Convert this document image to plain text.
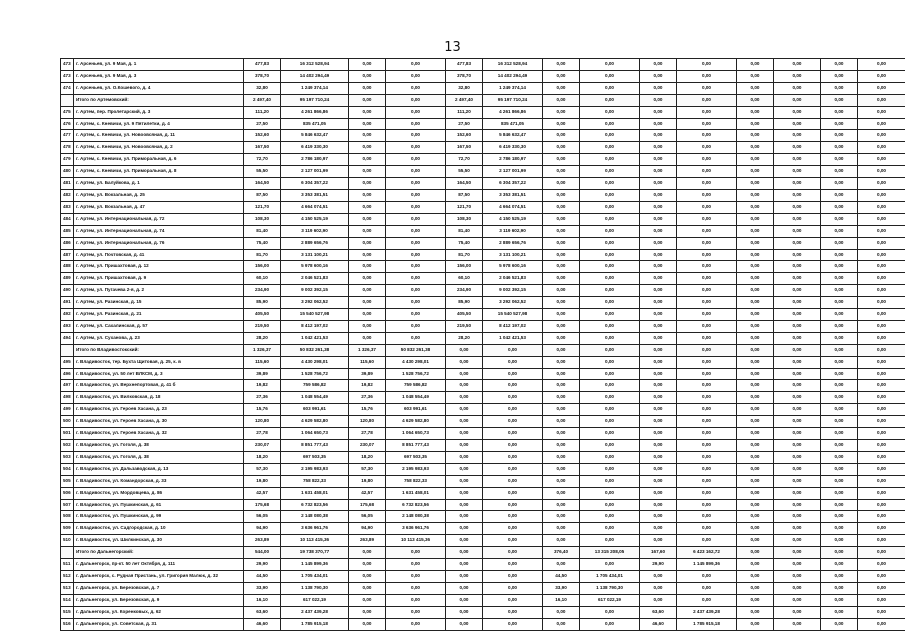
13
473	г. Арсеньев, ул. 9 Мая, д. 1	477,83	16 312 528,94	0,00	0,00	477,83	16 312 528,94	0,00	0,00	0,00	0,00	0,00	0,00	0,00	0,00
473	г. Арсеньев, ул. 9 Мая, д. 3	378,70	14 402 294,49	0,00	0,00	378,70	14 402 294,49	0,00	0,00	0,00	0,00	0,00	0,00	0,00	0,00
474	г. Арсеньев, ул. О.Кошевого, д. 4	32,80	1 249 374,14	0,00	0,00	32,80	1 249 374,14	0,00	0,00	0,00	0,00	0,00	0,00	0,00	0,00
	Итого по Артемовский:	2 497,40	95 197 710,24	0,00	0,00	2 497,40	95 197 710,24	0,00	0,00	0,00	0,00	0,00	0,00	0,00	0,00
475	г. Артем, пер. Пролетарский, д. 3	111,20	4 261 866,86	0,00	0,00	111,20	4 261 866,86	0,00	0,00	0,00	0,00	0,00	0,00	0,00	0,00
476	г. Артем, с. Кневичи, ул. 9 Пятилетки, д. 4	27,50	835 471,05	0,00	0,00	27,50	835 471,05	0,00	0,00	0,00	0,00	0,00	0,00	0,00	0,00
477	г. Артем, с. Кневичи, ул. Новоовсяная, д. 11	152,60	5 846 632,47	0,00	0,00	152,60	5 846 632,47	0,00	0,00	0,00	0,00	0,00	0,00	0,00	0,00
478	г. Артем, с. Кневичи, ул. Новоовсяная, д. 2	167,50	6 419 330,30	0,00	0,00	167,50	6 419 330,30	0,00	0,00	0,00	0,00	0,00	0,00	0,00	0,00
479	г. Артем, с. Кневичи, ул. Приморальная, д. 6	72,70	2 786 180,97	0,00	0,00	72,70	2 786 180,97	0,00	0,00	0,00	0,00	0,00	0,00	0,00	0,00
480	г. Артем, с. Кневичи, ул. Приморальная, д. 8	55,50	2 127 001,99	0,00	0,00	55,50	2 127 001,99	0,00	0,00	0,00	0,00	0,00	0,00	0,00	0,00
481	г. Артем, ул. Балуйкова, д. 1	164,50	6 304 357,22	0,00	0,00	164,50	6 304 357,22	0,00	0,00	0,00	0,00	0,00	0,00	0,00	0,00
482	г. Артем, ул. Вокзальная, д. 25	87,50	3 353 381,51	0,00	0,00	87,50	3 353 381,51	0,00	0,00	0,00	0,00	0,00	0,00	0,00	0,00
483	г. Артем, ул. Вокзальная, д. 47	121,70	4 664 074,51	0,00	0,00	121,70	4 664 074,51	0,00	0,00	0,00	0,00	0,00	0,00	0,00	0,00
484	г. Артем, ул. Интернациональная, д. 72	108,30	4 150 525,19	0,00	0,00	108,30	4 150 525,19	0,00	0,00	0,00	0,00	0,00	0,00	0,00	0,00
485	г. Артем, ул. Интернациональная, д. 74	81,40	3 119 602,90	0,00	0,00	81,40	3 119 602,90	0,00	0,00	0,00	0,00	0,00	0,00	0,00	0,00
486	г. Артем, ул. Интернациональная, д. 76	75,40	2 889 656,76	0,00	0,00	75,40	2 889 656,76	0,00	0,00	0,00	0,00	0,00	0,00	0,00	0,00
487	г. Артем, ул. Почтовская, д. 41	81,70	3 131 100,21	0,00	0,00	81,70	3 131 100,21	0,00	0,00	0,00	0,00	0,00	0,00	0,00	0,00
488	г. Артем, ул. Пришахтовая, д. 12	156,00	5 978 600,16	0,00	0,00	156,00	5 978 600,16	0,00	0,00	0,00	0,00	0,00	0,00	0,00	0,00
489	г. Артем, ул. Пришахтовая, д. 9	60,10	2 046 521,83	0,00	0,00	60,10	2 046 521,83	0,00	0,00	0,00	0,00	0,00	0,00	0,00	0,00
490	г. Артем, ул. Пугачева 2-я, д. 2	234,90	9 002 392,15	0,00	0,00	234,90	9 002 392,15	0,00	0,00	0,00	0,00	0,00	0,00	0,00	0,00
491	г. Артем, ул. Разинская, д. 15	85,90	3 292 062,52	0,00	0,00	85,90	3 292 062,52	0,00	0,00	0,00	0,00	0,00	0,00	0,00	0,00
492	г. Артем, ул. Разинская, д. 21	405,50	15 540 527,98	0,00	0,00	405,50	15 540 527,98	0,00	0,00	0,00	0,00	0,00	0,00	0,00	0,00
493	г. Артем, ул. Сахалинская, д. 57	219,50	8 412 197,02	0,00	0,00	219,50	8 412 197,02	0,00	0,00	0,00	0,00	0,00	0,00	0,00	0,00
494	г. Артем, ул. Суханова, д. 23	28,20	1 042 421,53	0,00	0,00	28,20	1 042 421,53	0,00	0,00	0,00	0,00	0,00	0,00	0,00	0,00
	Итого по Владивостокский:	1 326,37	50 832 261,38	1 326,37	50 832 261,38	0,00	0,00	0,00	0,00	0,00	0,00	0,00	0,00	0,00	0,00
495	г. Владивосток, тер. Бухта Щитовая, д. 25, к. в	115,60	4 430 298,01	115,60	4 430 298,01	0,00	0,00	0,00	0,00	0,00	0,00	0,00	0,00	0,00	0,00
496	г. Владивосток, ул. 50 лет ВЛКСМ, д. 3	39,89	1 528 756,72	39,89	1 528 756,72	0,00	0,00	0,00	0,00	0,00	0,00	0,00	0,00	0,00	0,00
497	г. Владивосток, ул. Верхнепортовая, д. 41 б	19,82	759 586,82	19,82	759 586,82	0,00	0,00	0,00	0,00	0,00	0,00	0,00	0,00	0,00	0,00
498	г. Владивосток, ул. Вилковская, д. 18	27,36	1 048 554,49	27,36	1 048 554,49	0,00	0,00	0,00	0,00	0,00	0,00	0,00	0,00	0,00	0,00
499	г. Владивосток, ул. Героев Хасана, д. 23	15,76	603 991,61	15,76	603 991,61	0,00	0,00	0,00	0,00	0,00	0,00	0,00	0,00	0,00	0,00
500	г. Владивосток, ул. Героев Хасана, д. 30	120,80	4 629 582,80	120,80	4 629 582,80	0,00	0,00	0,00	0,00	0,00	0,00	0,00	0,00	0,00	0,00
501	г. Владивосток, ул. Героев Хасана, д. 32	27,78	1 064 650,73	27,78	1 064 650,73	0,00	0,00	0,00	0,00	0,00	0,00	0,00	0,00	0,00	0,00
502	г. Владивосток, ул. Гоголя, д. 38	230,07	8 851 777,43	230,07	8 851 777,43	0,00	0,00	0,00	0,00	0,00	0,00	0,00	0,00	0,00	0,00
503	г. Владивосток, ул. Гоголя, д. 38	18,20	697 503,35	18,20	697 503,35	0,00	0,00	0,00	0,00	0,00	0,00	0,00	0,00	0,00	0,00
504	г. Владивосток, ул. Дальзаводская, д. 13	57,30	2 195 983,93	57,30	2 195 983,93	0,00	0,00	0,00	0,00	0,00	0,00	0,00	0,00	0,00	0,00
505	г. Владивосток, ул. Командорская, д. 33	19,80	758 822,33	19,80	758 822,33	0,00	0,00	0,00	0,00	0,00	0,00	0,00	0,00	0,00	0,00
506	г. Владивосток, ул. Мордовцева, д. 86	42,57	1 631 458,01	42,57	1 631 458,01	0,00	0,00	0,00	0,00	0,00	0,00	0,00	0,00	0,00	0,00
507	г. Владивосток, ул. Пушкинская, д. 61	175,68	6 732 823,56	175,68	6 732 823,56	0,00	0,00	0,00	0,00	0,00	0,00	0,00	0,00	0,00	0,00
508	г. Владивосток, ул. Пушкинская, д. 99	56,05	2 148 080,38	56,05	2 148 080,38	0,00	0,00	0,00	0,00	0,00	0,00	0,00	0,00	0,00	0,00
509	г. Владивосток, ул. Садгородская, д. 10	94,90	3 636 961,76	94,90	3 636 961,76	0,00	0,00	0,00	0,00	0,00	0,00	0,00	0,00	0,00	0,00
510	г. Владивосток, ул. Шилкинская, д. 30	263,89	10 113 415,36	263,89	10 113 415,36	0,00	0,00	0,00	0,00	0,00	0,00	0,00	0,00	0,00	0,00
	Итого по Дальнегорский:	544,00	19 738 370,77	0,00	0,00	0,00	0,00	376,40	13 315 208,05	167,60	6 423 162,72	0,00	0,00	0,00	0,00
511	г. Дальнегорск, пр-кт. 50 лет Октября, д. 111	29,90	1 145 899,36	0,00	0,00	0,00	0,00	0,00	0,00	29,90	1 145 899,36	0,00	0,00	0,00	0,00
512	г. Дальнегорск, с. Рудная Пристань, ул. Григория Малюк, д. 32	44,50	1 705 434,01	0,00	0,00	0,00	0,00	44,50	1 705 434,01	0,00	0,00	0,00	0,00	0,00	0,00
513	г. Дальнегорск, ул. Березовская, д. 7	33,90	1 138 790,30	0,00	0,00	0,00	0,00	33,90	1 138 790,30	0,00	0,00	0,00	0,00	0,00	0,00
514	г. Дальнегорск, ул. Березовская, д. 9	16,10	617 022,19	0,00	0,00	0,00	0,00	16,10	617 022,19	0,00	0,00	0,00	0,00	0,00	0,00
515	г. Дальнегорск, ул. Коренковых, д. 62	63,60	2 437 439,28	0,00	0,00	0,00	0,00	0,00	0,00	63,60	2 437 439,28	0,00	0,00	0,00	0,00
516	г. Дальнегорск, ул. Советская, д. 31	46,60	1 785 915,18	0,00	0,00	0,00	0,00	0,00	0,00	46,60	1 785 915,18	0,00	0,00	0,00	0,00
